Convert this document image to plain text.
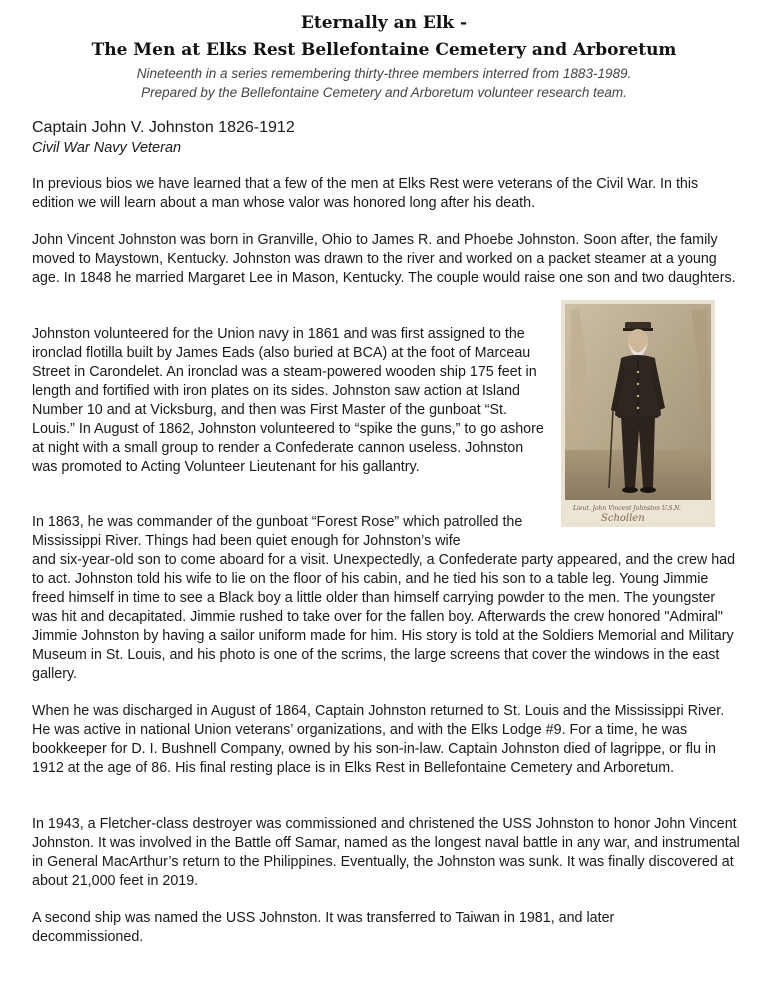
Eternally an Elk -
The Men at Elks Rest Bellefontaine Cemetery and Arboretum
Nineteenth in a series remembering thirty-three members interred from 1883-1989.
Prepared by the Bellefontaine Cemetery and Arboretum volunteer research team.
Captain John V. Johnston 1826-1912
Civil War Navy Veteran

In previous bios we have learned that a few of the men at Elks Rest were veterans of the Civil War. In this edition we will learn about a man whose valor was honored long after his death.

John Vincent Johnston was born in Granville, Ohio to James R. and Phoebe Johnston. Soon after, the family moved to Maystown, Kentucky. Johnston was drawn to the river and worked on a packet steamer at a young age. In 1848 he married Margaret Lee in Mason, Kentucky. The couple would raise one son and two daughters.

Johnston volunteered for the Union navy in 1861 and was first assigned to the ironclad flotilla built by James Eads (also buried at BCA) at the foot of Marceau Street in Carondelet. An ironclad was a steam-powered wooden ship 175 feet in length and fortified with iron plates on its sides. Johnston saw action at Island Number 10 and at Vicksburg, and then was First Master of the gunboat “St. Louis.” In August of 1862, Johnston volunteered to “spike the guns,” to go ashore at night with a small group to render a Confederate cannon useless. Johnston was promoted to Acting Volunteer Lieutenant for his gallantry.

In 1863, he was commander of the gunboat “Forest Rose” which patrolled the Mississippi River. Things had been quiet enough for Johnston’s wife

and six-year-old son to come aboard for a visit. Unexpectedly, a Confederate party appeared, and the crew had to act. Johnston told his wife to lie on the floor of his cabin, and he tied his son to a table leg. Young Jimmie freed himself in time to see a Black boy a little older than himself carrying powder to the men. The youngster was hit and decapitated. Jimmie rushed to take over for the fallen boy. Afterwards the crew honored "Admiral" Jimmie Johnston by having a sailor uniform made for him. His story is told at the Soldiers Memorial and Military Museum in St. Louis, and his photo is one of the scrims, the large screens that cover the windows in the east gallery.

When he was discharged in August of 1864, Captain Johnston returned to St. Louis and the Mississippi River. He was active in national Union veterans’ organizations, and with the Elks Lodge #9. For a time, he was bookkeeper for D. I. Bushnell Company, owned by his son-in-law. Captain Johnston died of lagrippe, or flu in 1912 at the age of 86. His final resting place is in Elks Rest in Bellefontaine Cemetery and Arboretum.

In 1943, a Fletcher-class destroyer was commissioned and christened the USS Johnston to honor John Vincent Johnston. It was involved in the Battle off Samar, named as the longest naval battle in any war, and instrumental in General MacArthur’s return to the Philippines. Eventually, the Johnston was sunk. It was finally discovered at about 21,000 feet in 2019.

A second ship was named the USS Johnston. It was transferred to Taiwan in 1981, and later decommissioned.

Lieut. John Vincent Johnston U.S.N.
Schollen
